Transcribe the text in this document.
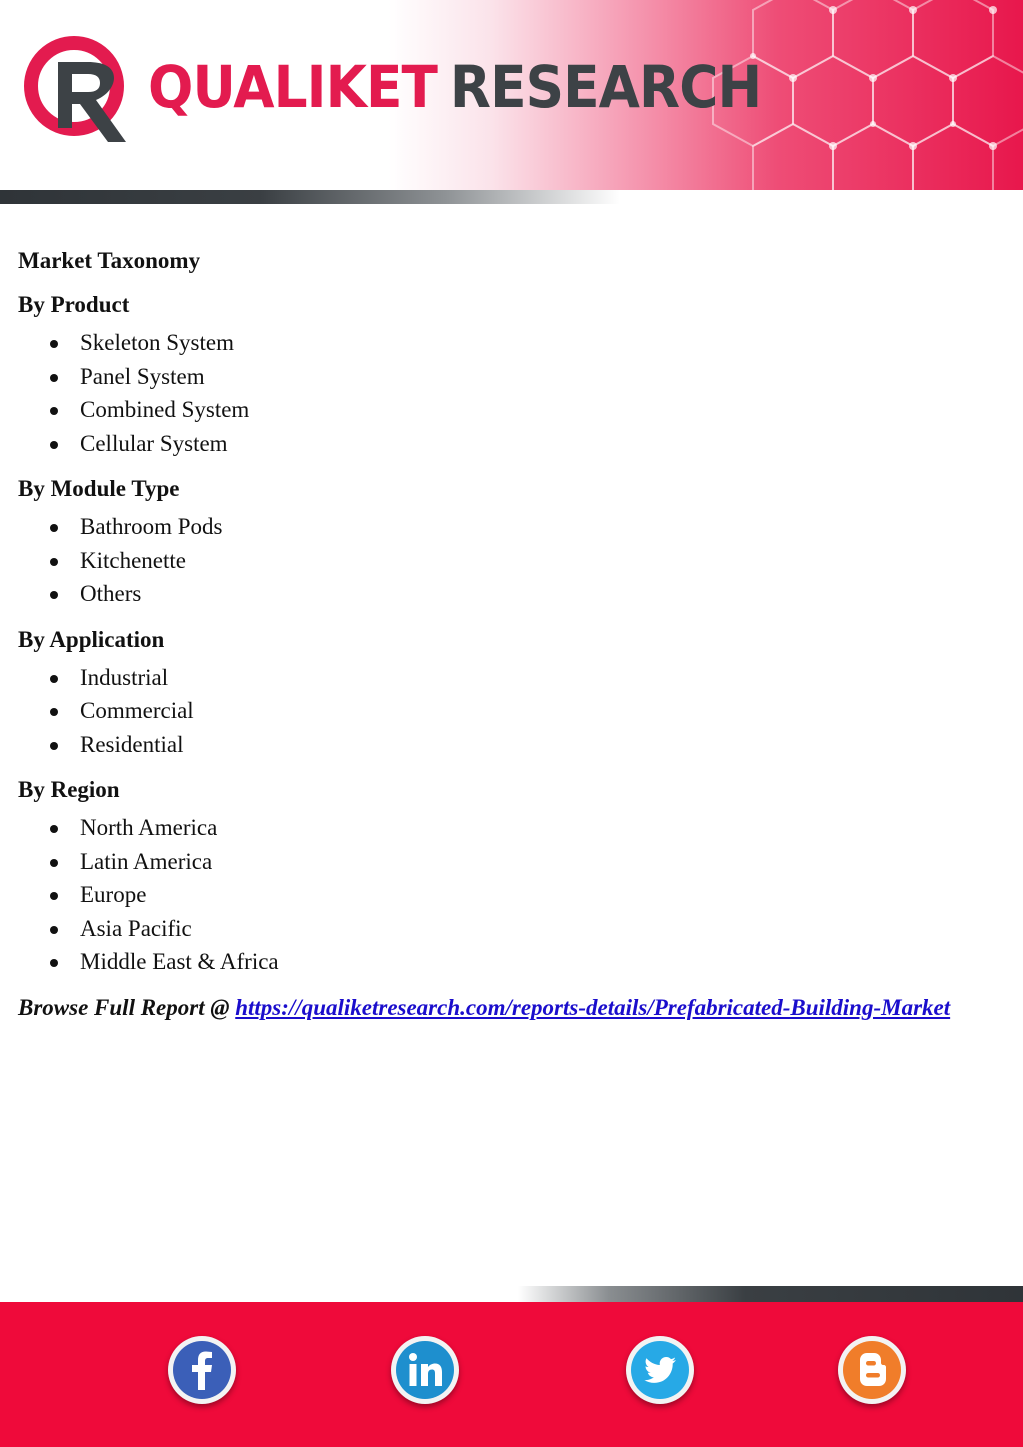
QUALIKET RESEARCH
Market Taxonomy
By Product
Skeleton System
Panel System
Combined System
Cellular System
By Module Type
Bathroom Pods
Kitchenette
Others
By Application
Industrial
Commercial
Residential
By Region
North America
Latin America
Europe
Asia Pacific
Middle East & Africa
Browse Full Report @ https://qualiketresearch.com/reports-details/Prefabricated-Building-Market
